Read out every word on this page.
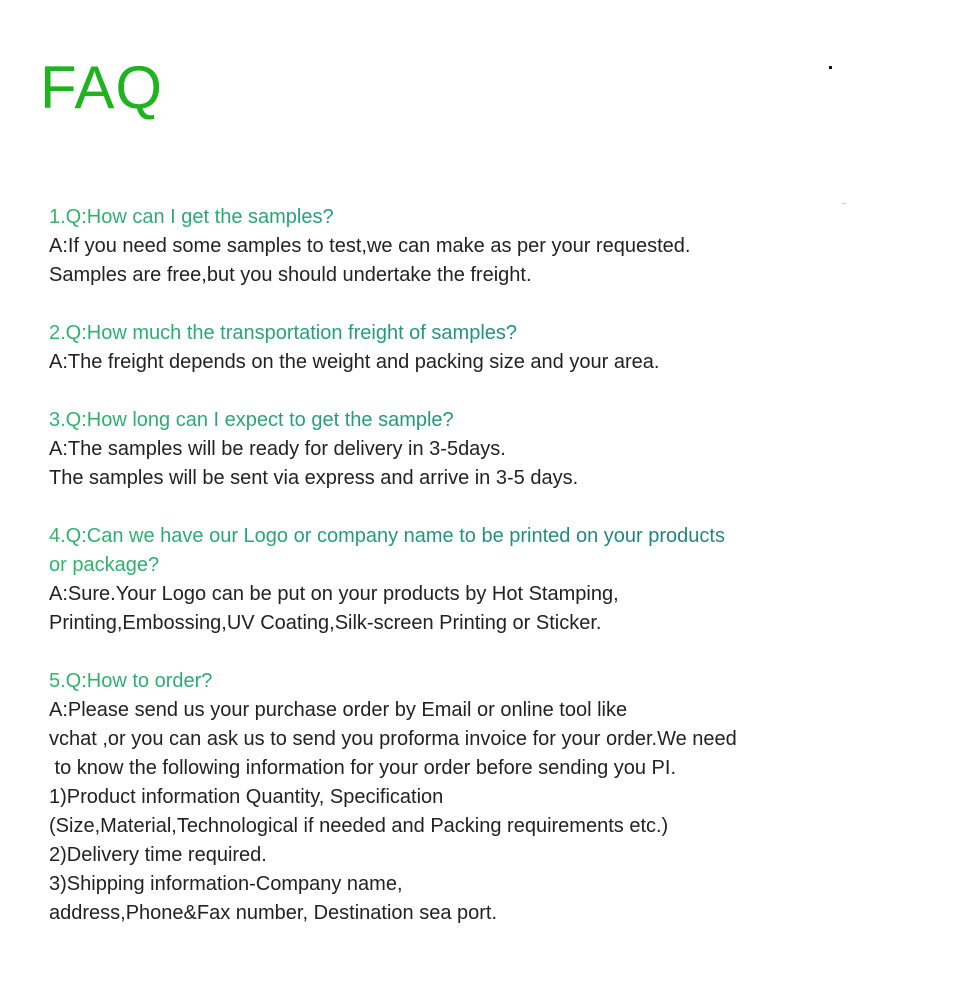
FAQ
1.Q:How can I get the samples?
A:If you need some samples to test,we can make as per your requested.
Samples are free,but you should undertake the freight.
2.Q:How much the transportation freight of samples?
A:The freight depends on the weight and packing size and your area.
3.Q:How long can I expect to get the sample?
A:The samples will be ready for delivery in 3-5days.
The samples will be sent via express and arrive in 3-5 days.
4.Q:Can we have our Logo or company name to be printed on your products
or package?
A:Sure.Your Logo can be put on your products by Hot Stamping,
Printing,Embossing,UV Coating,Silk-screen Printing or Sticker.
5.Q:How to order?
A:Please send us your purchase order by Email or online tool like
vchat ,or you can ask us to send you proforma invoice for your order.We need
to know the following information for your order before sending you PI.
1)Product information Quantity, Specification
(Size,Material,Technological if needed and Packing requirements etc.)
2)Delivery time required.
3)Shipping information-Company name,
address,Phone&Fax number, Destination sea port.
